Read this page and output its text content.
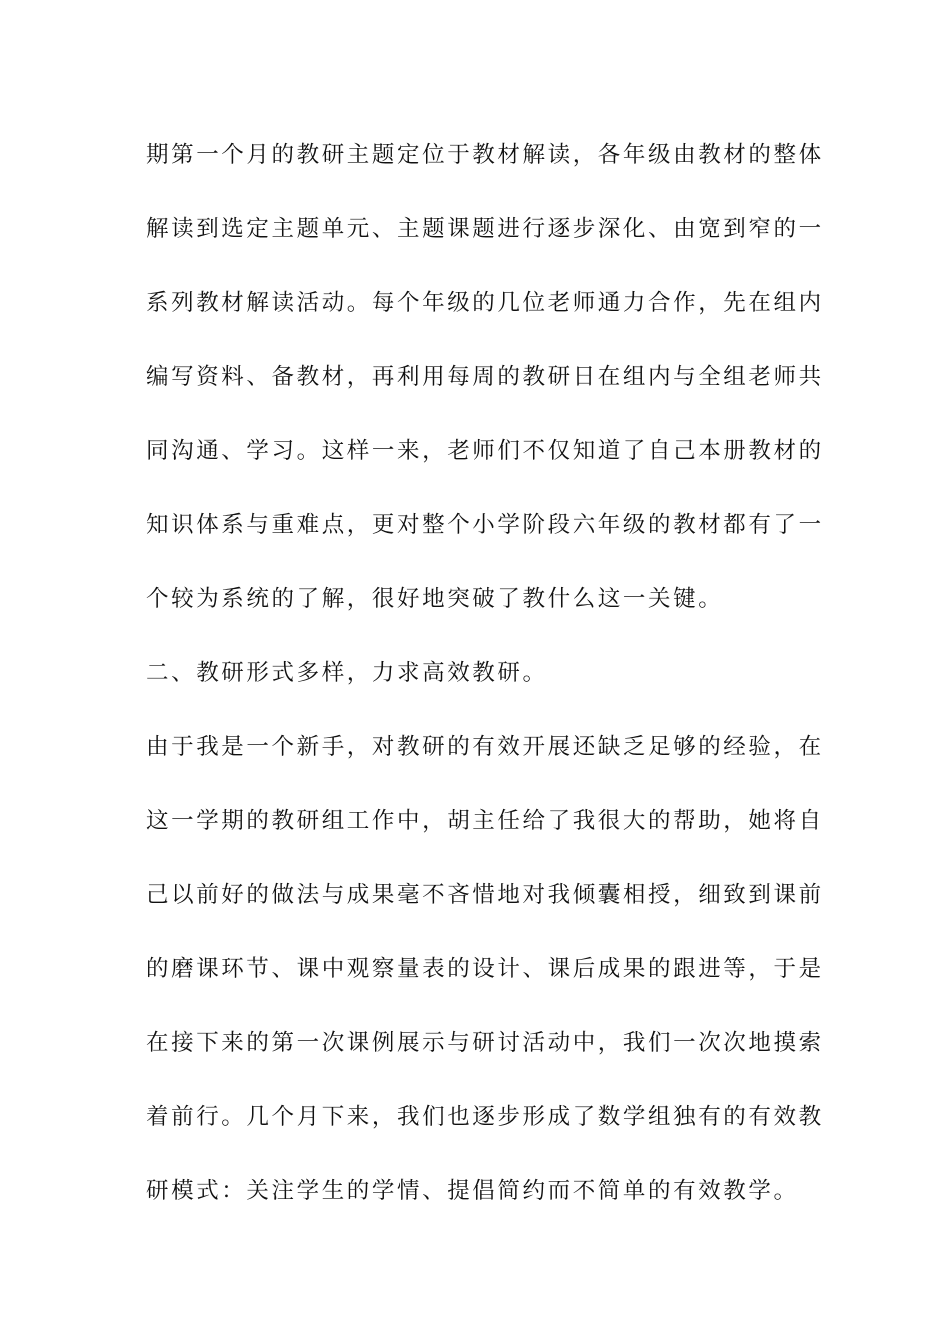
期第一个月的教研主题定位于教材解读，各年级由教材的整体
解读到选定主题单元、主题课题进行逐步深化、由宽到窄的一
系列教材解读活动。每个年级的几位老师通力合作，先在组内
编写资料、备教材，再利用每周的教研日在组内与全组老师共
同沟通、学习。这样一来，老师们不仅知道了自己本册教材的
知识体系与重难点，更对整个小学阶段六年级的教材都有了一
个较为系统的了解，很好地突破了教什么这一关键。
二、教研形式多样，力求高效教研。
由于我是一个新手，对教研的有效开展还缺乏足够的经验，在
这一学期的教研组工作中，胡主任给了我很大的帮助，她将自
己以前好的做法与成果毫不吝惜地对我倾囊相授，细致到课前
的磨课环节、课中观察量表的设计、课后成果的跟进等，于是
在接下来的第一次课例展示与研讨活动中，我们一次次地摸索
着前行。几个月下来，我们也逐步形成了数学组独有的有效教
研模式：关注学生的学情、提倡简约而不简单的有效教学。
